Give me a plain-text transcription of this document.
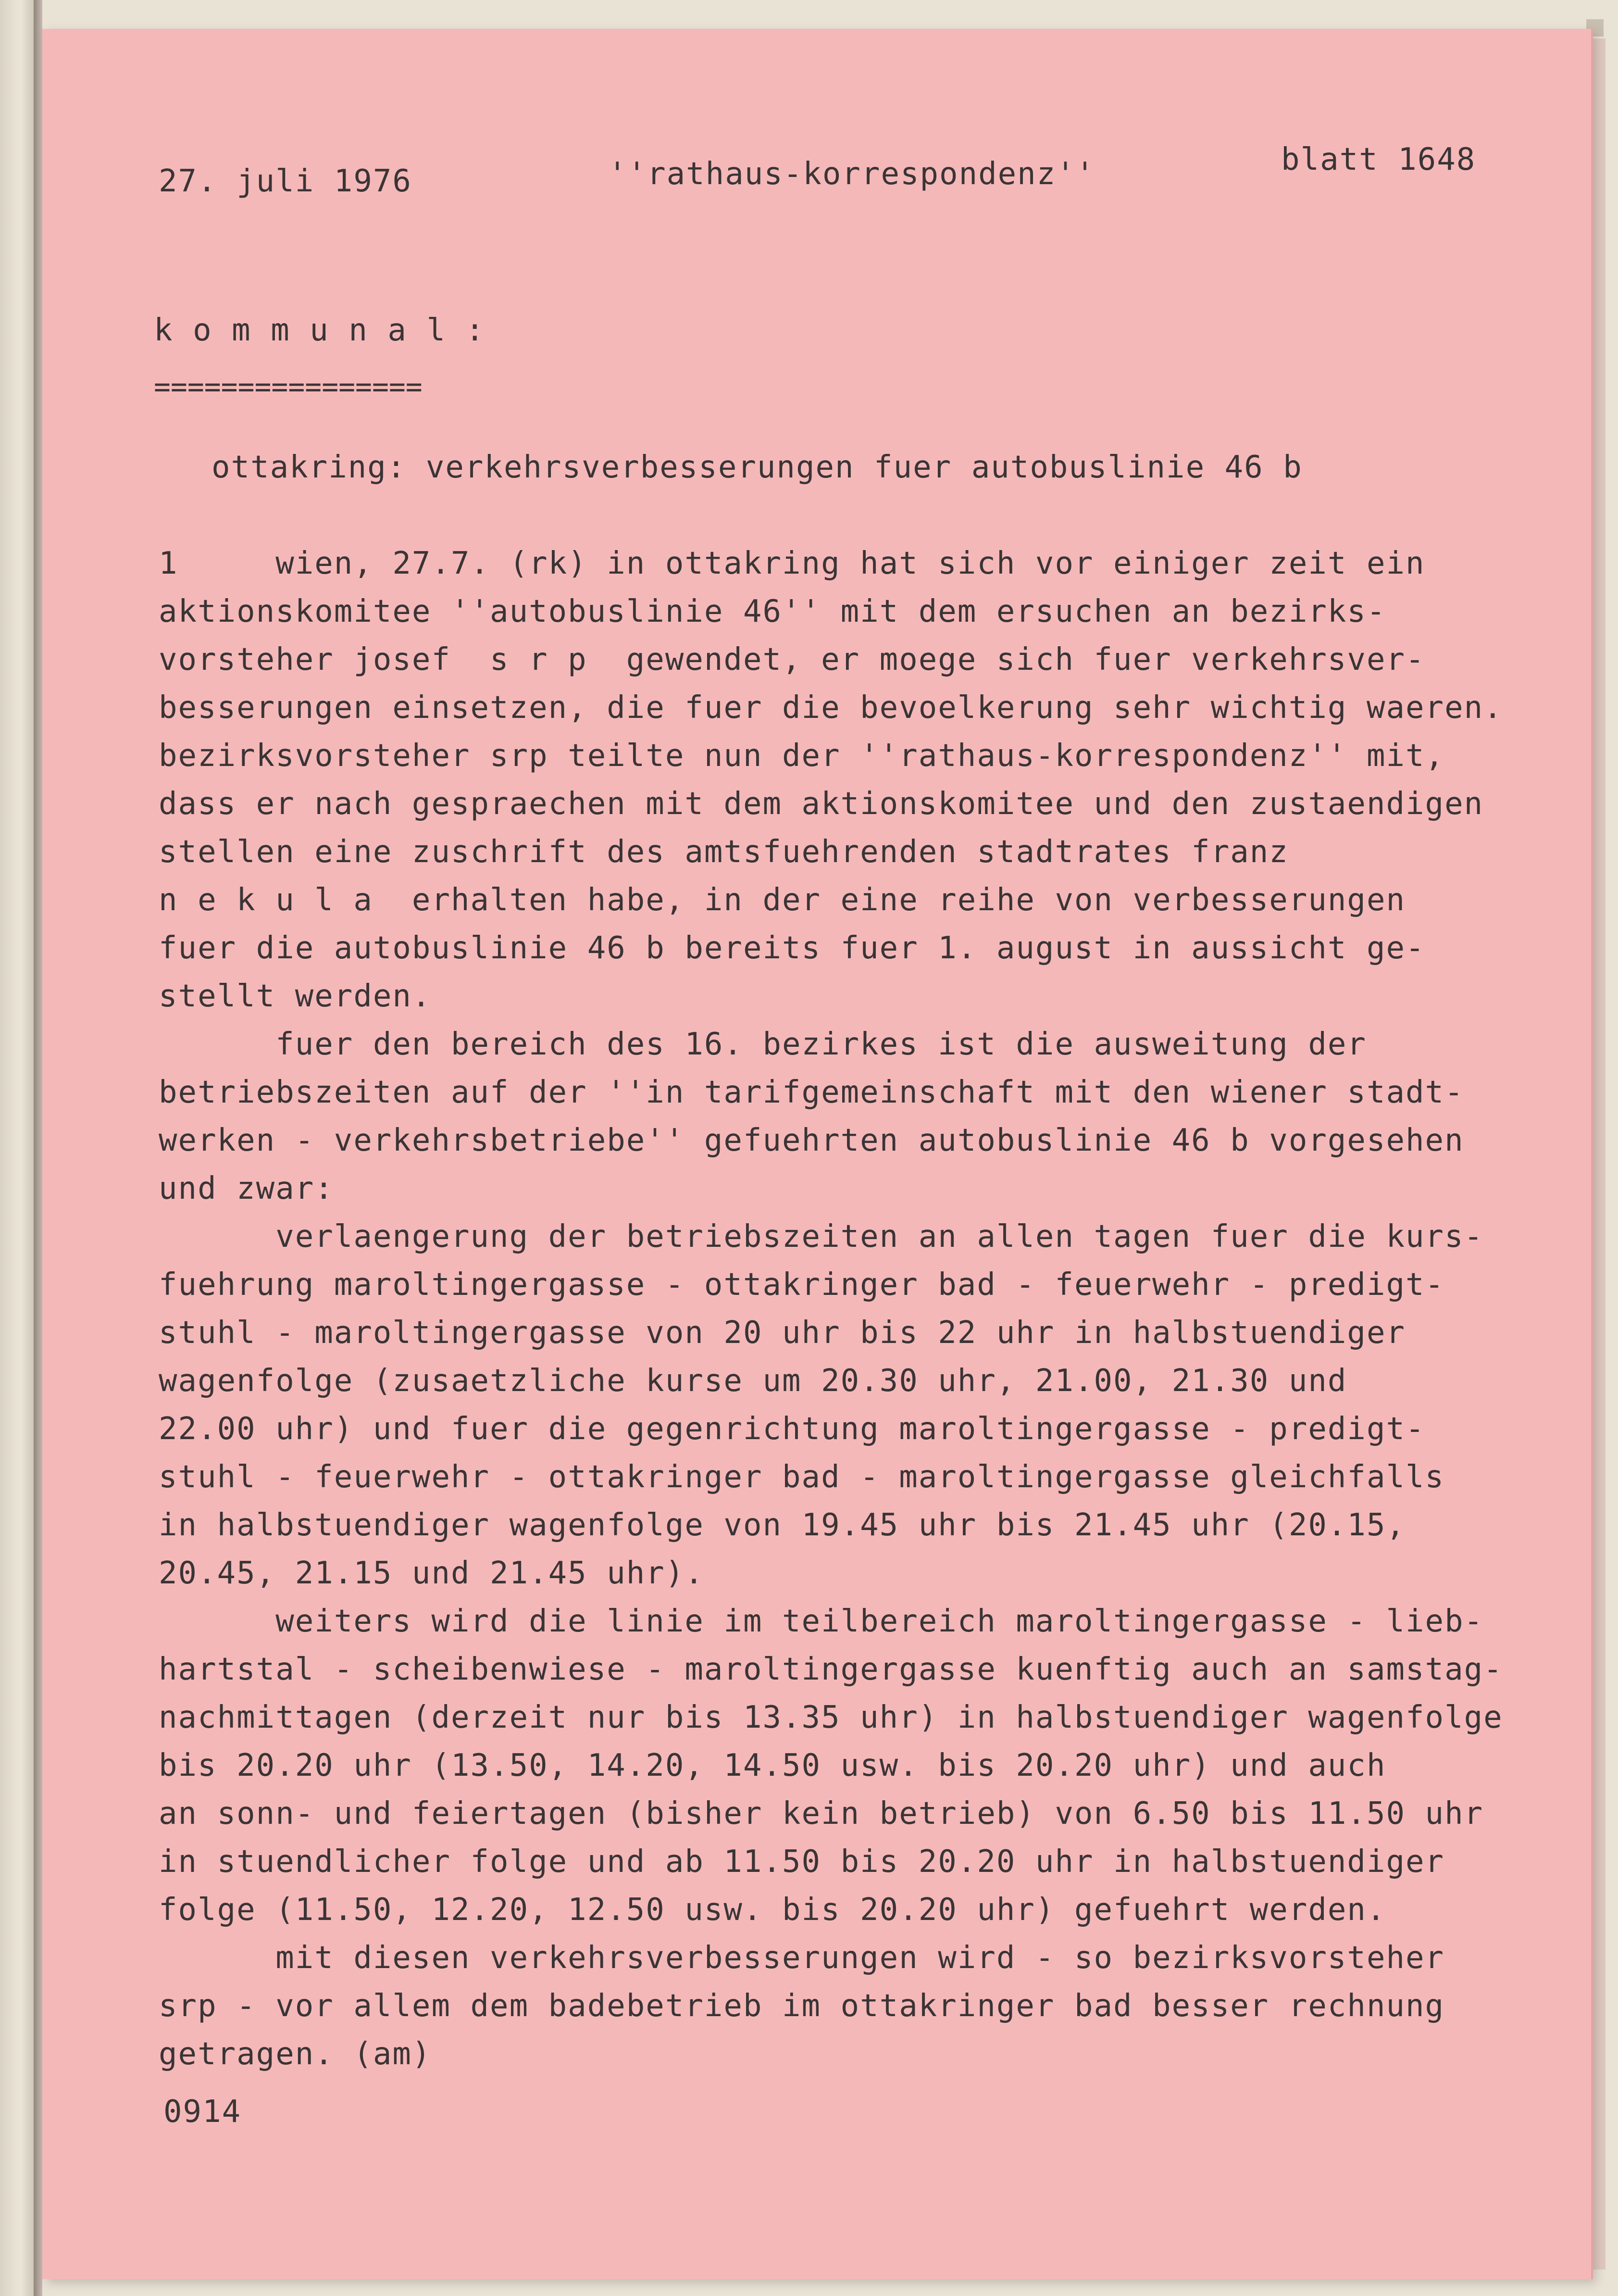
27. juli 1976	''rathaus-korrespondenz''	blatt 1648
k o m m u n a l :
================
ottakring: verkehrsverbesserungen fuer autobuslinie 46 b
1     wien, 27.7. (rk) in ottakring hat sich vor einiger zeit ein
aktionskomitee ''autobuslinie 46'' mit dem ersuchen an bezirks-
vorsteher josef  s r p  gewendet, er moege sich fuer verkehrsver-
besserungen einsetzen, die fuer die bevoelkerung sehr wichtig waeren.
bezirksvorsteher srp teilte nun der ''rathaus-korrespondenz'' mit,
dass er nach gespraechen mit dem aktionskomitee und den zustaendigen
stellen eine zuschrift des amtsfuehrenden stadtrates franz
n e k u l a  erhalten habe, in der eine reihe von verbesserungen
fuer die autobuslinie 46 b bereits fuer 1. august in aussicht ge-
stellt werden.
fuer den bereich des 16. bezirkes ist die ausweitung der
betriebszeiten auf der ''in tarifgemeinschaft mit den wiener stadt-
werken - verkehrsbetriebe'' gefuehrten autobuslinie 46 b vorgesehen
und zwar:
verlaengerung der betriebszeiten an allen tagen fuer die kurs-
fuehrung maroltingergasse - ottakringer bad - feuerwehr - predigt-
stuhl - maroltingergasse von 20 uhr bis 22 uhr in halbstuendiger
wagenfolge (zusaetzliche kurse um 20.30 uhr, 21.00, 21.30 und
22.00 uhr) und fuer die gegenrichtung maroltingergasse - predigt-
stuhl - feuerwehr - ottakringer bad - maroltingergasse gleichfalls
in halbstuendiger wagenfolge von 19.45 uhr bis 21.45 uhr (20.15,
20.45, 21.15 und 21.45 uhr).
weiters wird die linie im teilbereich maroltingergasse - lieb-
hartstal - scheibenwiese - maroltingergasse kuenftig auch an samstag-
nachmittagen (derzeit nur bis 13.35 uhr) in halbstuendiger wagenfolge
bis 20.20 uhr (13.50, 14.20, 14.50 usw. bis 20.20 uhr) und auch
an sonn- und feiertagen (bisher kein betrieb) von 6.50 bis 11.50 uhr
in stuendlicher folge und ab 11.50 bis 20.20 uhr in halbstuendiger
folge (11.50, 12.20, 12.50 usw. bis 20.20 uhr) gefuehrt werden.
mit diesen verkehrsverbesserungen wird - so bezirksvorsteher
srp - vor allem dem badebetrieb im ottakringer bad besser rechnung
getragen. (am)
0914
